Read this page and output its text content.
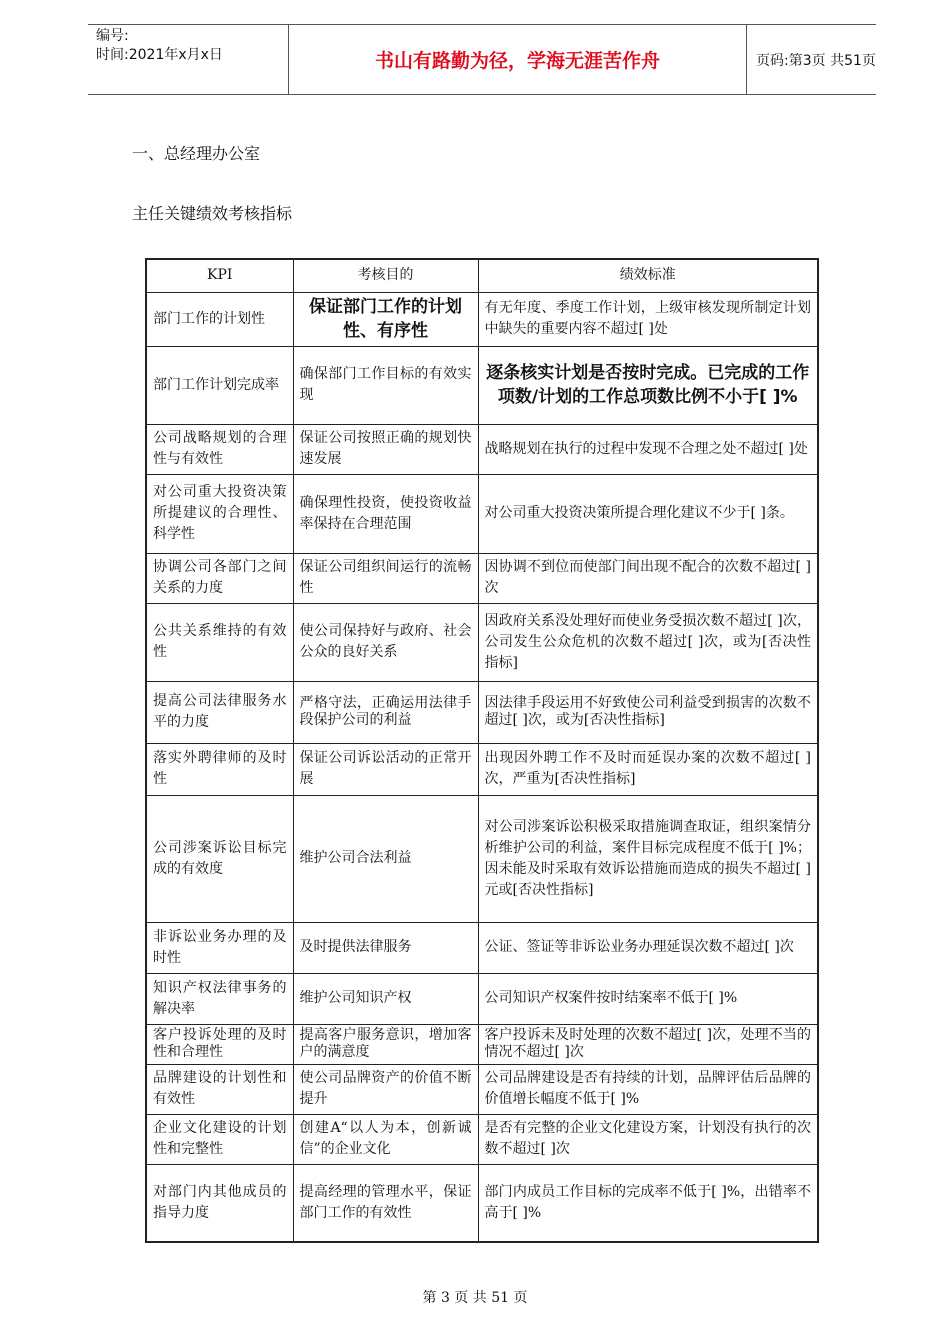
编号:
时间:2021年x月x日	书山有路勤为径，学海无涯苦作舟	页码:第3页 共51页
一、总经理办公室
主任关键绩效考核指标
KPI	考核目的	绩效标准
部门工作的计划性	保证部门工作的计划性、有序性	有无年度、季度工作计划，上级审核发现所制定计划中缺失的重要内容不超过[ ]处
部门工作计划完成率	确保部门工作目标的有效实现	逐条核实计划是否按时完成。已完成的工作项数/计划的工作总项数比例不小于[ ]%
公司战略规划的合理性与有效性	保证公司按照正确的规划快速发展	战略规划在执行的过程中发现不合理之处不超过[ ]处
对公司重大投资决策所提建议的合理性、科学性	确保理性投资，使投资收益率保持在合理范围	对公司重大投资决策所提合理化建议不少于[ ]条。
协调公司各部门之间关系的力度	保证公司组织间运行的流畅性	因协调不到位而使部门间出现不配合的次数不超过[ ]次
公共关系维持的有效性	使公司保持好与政府、社会公众的良好关系	因政府关系没处理好而使业务受损次数不超过[ ]次，公司发生公众危机的次数不超过[ ]次，或为[否决性指标]
提高公司法律服务水平的力度	严格守法，正确运用法律手段保护公司的利益	因法律手段运用不好致使公司利益受到损害的次数不超过[ ]次，或为[否决性指标]
落实外聘律师的及时性	保证公司诉讼活动的正常开展	出现因外聘工作不及时而延误办案的次数不超过[ ]次，严重为[否决性指标]
公司涉案诉讼目标完成的有效度	维护公司合法利益	对公司涉案诉讼积极采取措施调查取证，组织案情分析维护公司的利益，案件目标完成程度不低于[ ]%；因未能及时采取有效诉讼措施而造成的损失不超过[ ]元或[否决性指标]
非诉讼业务办理的及时性	及时提供法律服务	公证、签证等非诉讼业务办理延误次数不超过[ ]次
知识产权法律事务的解决率	维护公司知识产权	公司知识产权案件按时结案率不低于[ ]%
客户投诉处理的及时性和合理性	提高客户服务意识，增加客户的满意度	客户投诉未及时处理的次数不超过[ ]次，处理不当的情况不超过[ ]次
品牌建设的计划性和有效性	使公司品牌资产的价值不断提升	公司品牌建设是否有持续的计划，品牌评估后品牌的价值增长幅度不低于[ ]%
企业文化建设的计划性和完整性	创建A“以人为本，创新诚信”的企业文化	是否有完整的企业文化建设方案，计划没有执行的次数不超过[ ]次
对部门内其他成员的指导力度	提高经理的管理水平，保证部门工作的有效性	部门内成员工作目标的完成率不低于[ ]%，出错率不高于[ ]%
第 3 页 共 51 页
